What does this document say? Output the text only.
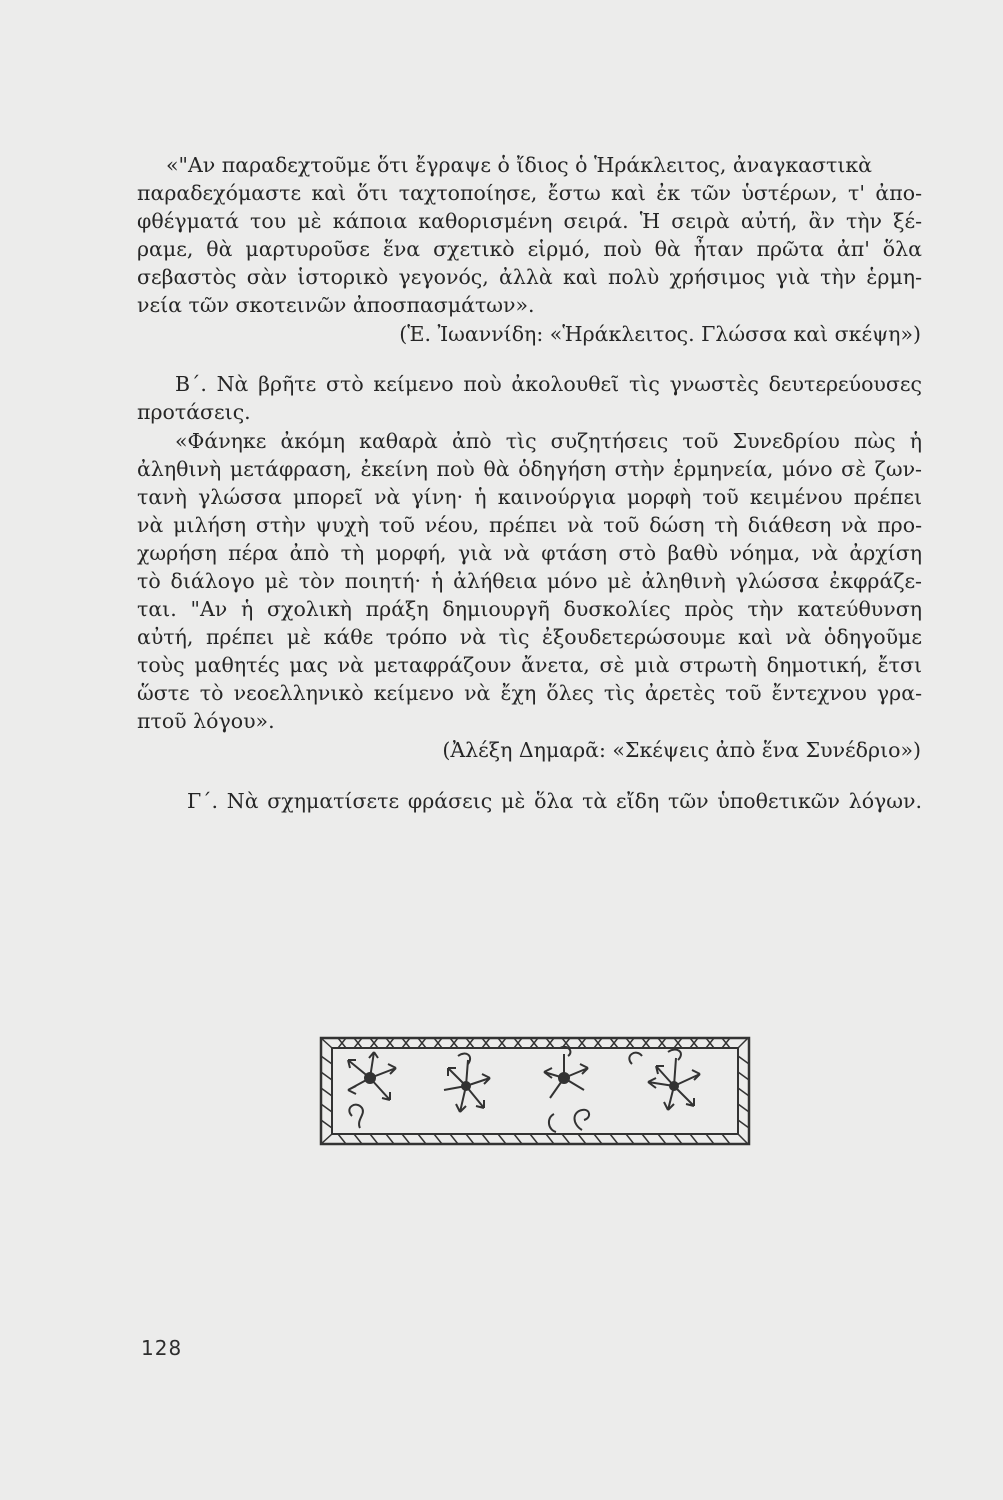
«"Αν παραδεχτοῦμε ὅτι ἔγραψε ὁ ἴδιος ὁ Ἡράκλειτος, ἀναγκαστικὰ
παραδεχόμαστε καὶ ὅτι ταχτοποίησε, ἔστω καὶ ἐκ τῶν ὑστέρων, τ' ἀπο-
φθέγματά του μὲ κάποια καθορισμένη σειρά. Ἡ σειρὰ αὐτή, ἂν τὴν ξέ-
ραμε, θὰ μαρτυροῦσε ἕνα σχετικὸ εἱρμό, ποὺ θὰ ἦταν πρῶτα ἀπ' ὅλα
σεβαστὸς σὰν ἱστορικὸ γεγονός, ἀλλὰ καὶ πολὺ χρήσιμος γιὰ τὴν ἑρμη-
νεία τῶν σκοτεινῶν ἀποσπασμάτων».
(Ἑ. Ἰωαννίδη: «Ἡράκλειτος. Γλώσσα καὶ σκέψη»)
Β΄. Νὰ βρῆτε στὸ κείμενο ποὺ ἀκολουθεῖ τὶς γνωστὲς δευτερεύουσες
προτάσεις.
«Φάνηκε ἀκόμη καθαρὰ ἀπὸ τὶς συζητήσεις τοῦ Συνεδρίου πὼς ἡ
ἀληθινὴ μετάφραση, ἐκείνη ποὺ θὰ ὁδηγήση στὴν ἑρμηνεία, μόνο σὲ ζων-
τανὴ γλώσσα μπορεῖ νὰ γίνη· ἡ καινούργια μορφὴ τοῦ κειμένου πρέπει
νὰ μιλήση στὴν ψυχὴ τοῦ νέου, πρέπει νὰ τοῦ δώση τὴ διάθεση νὰ προ-
χωρήση πέρα ἀπὸ τὴ μορφή, γιὰ νὰ φτάση στὸ βαθὺ νόημα, νὰ ἀρχίση
τὸ διάλογο μὲ τὸν ποιητή· ἡ ἀλήθεια μόνο μὲ ἀληθινὴ γλώσσα ἐκφράζε-
ται. "Αν ἡ σχολικὴ πράξη δημιουργῆ δυσκολίες πρὸς τὴν κατεύθυνση
αὐτή, πρέπει μὲ κάθε τρόπο νὰ τὶς ἐξουδετερώσουμε καὶ νὰ ὁδηγοῦμε
τοὺς μαθητές μας νὰ μεταφράζουν ἄνετα, σὲ μιὰ στρωτὴ δημοτική, ἔτσι
ὥστε τὸ νεοελληνικὸ κείμενο νὰ ἔχη ὅλες τὶς ἀρετὲς τοῦ ἔντεχνου γρα-
πτοῦ λόγου».
(Ἀλέξη Δημαρᾶ: «Σκέψεις ἀπὸ ἕνα Συνέδριο»)
Γ΄. Νὰ σχηματίσετε φράσεις μὲ ὅλα τὰ εἴδη τῶν ὑποθετικῶν λόγων.
128
